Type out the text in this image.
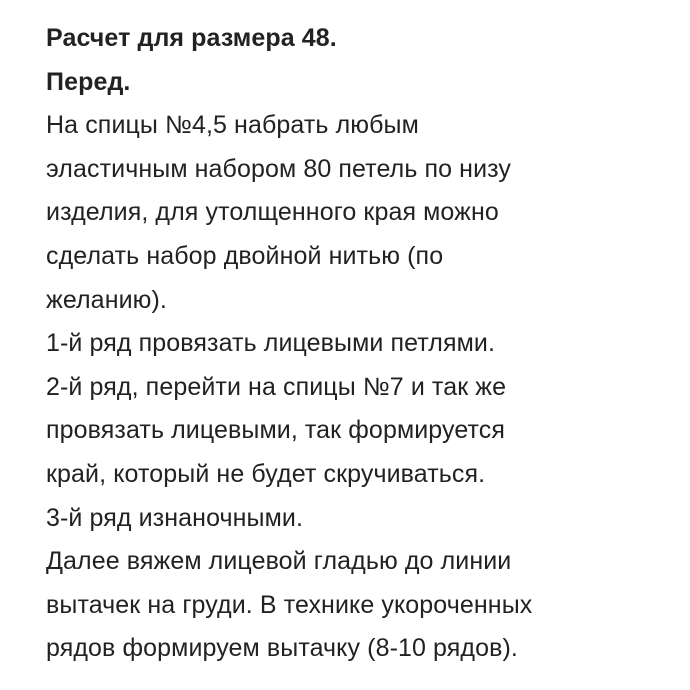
Расчет для размера 48.
Перед.
На спицы №4,5 набрать любым
эластичным набором 80 петель по низу
изделия, для утолщенного края можно
сделать набор двойной нитью (по
желанию).
1-й ряд провязать лицевыми петлями.
2-й ряд, перейти на спицы №7 и так же
провязать лицевыми, так формируется
край, который не будет скручиваться.
3-й ряд изнаночными.
Далее вяжем лицевой гладью до линии
вытачек на груди. В технике укороченных
рядов формируем вытачку (8-10 рядов).
